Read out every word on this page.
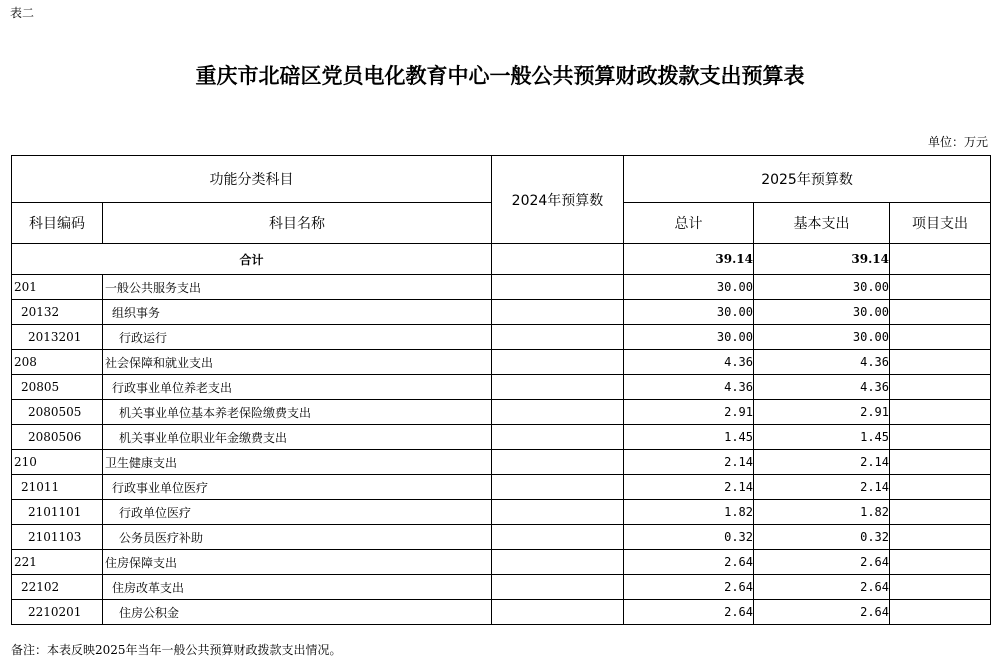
表二
重庆市北碚区党员电化教育中心一般公共预算财政拨款支出预算表
单位：万元
功能分类科目		2024年预算数	2025年预算数		
科目编码	科目名称		总计	基本支出	项目支出
合计			39.14	39.14	
201	一般公共服务支出		30.00	30.00	
20132	组织事务		30.00	30.00	
2013201	行政运行		30.00	30.00	
208	社会保障和就业支出		4.36	4.36	
20805	行政事业单位养老支出		4.36	4.36	
2080505	机关事业单位基本养老保险缴费支出		2.91	2.91	
2080506	机关事业单位职业年金缴费支出		1.45	1.45	
210	卫生健康支出		2.14	2.14	
21011	行政事业单位医疗		2.14	2.14	
2101101	行政单位医疗		1.82	1.82	
2101103	公务员医疗补助		0.32	0.32	
221	住房保障支出		2.64	2.64	
22102	住房改革支出		2.64	2.64	
2210201	住房公积金		2.64	2.64	
备注：本表反映2025年当年一般公共预算财政拨款支出情况。
